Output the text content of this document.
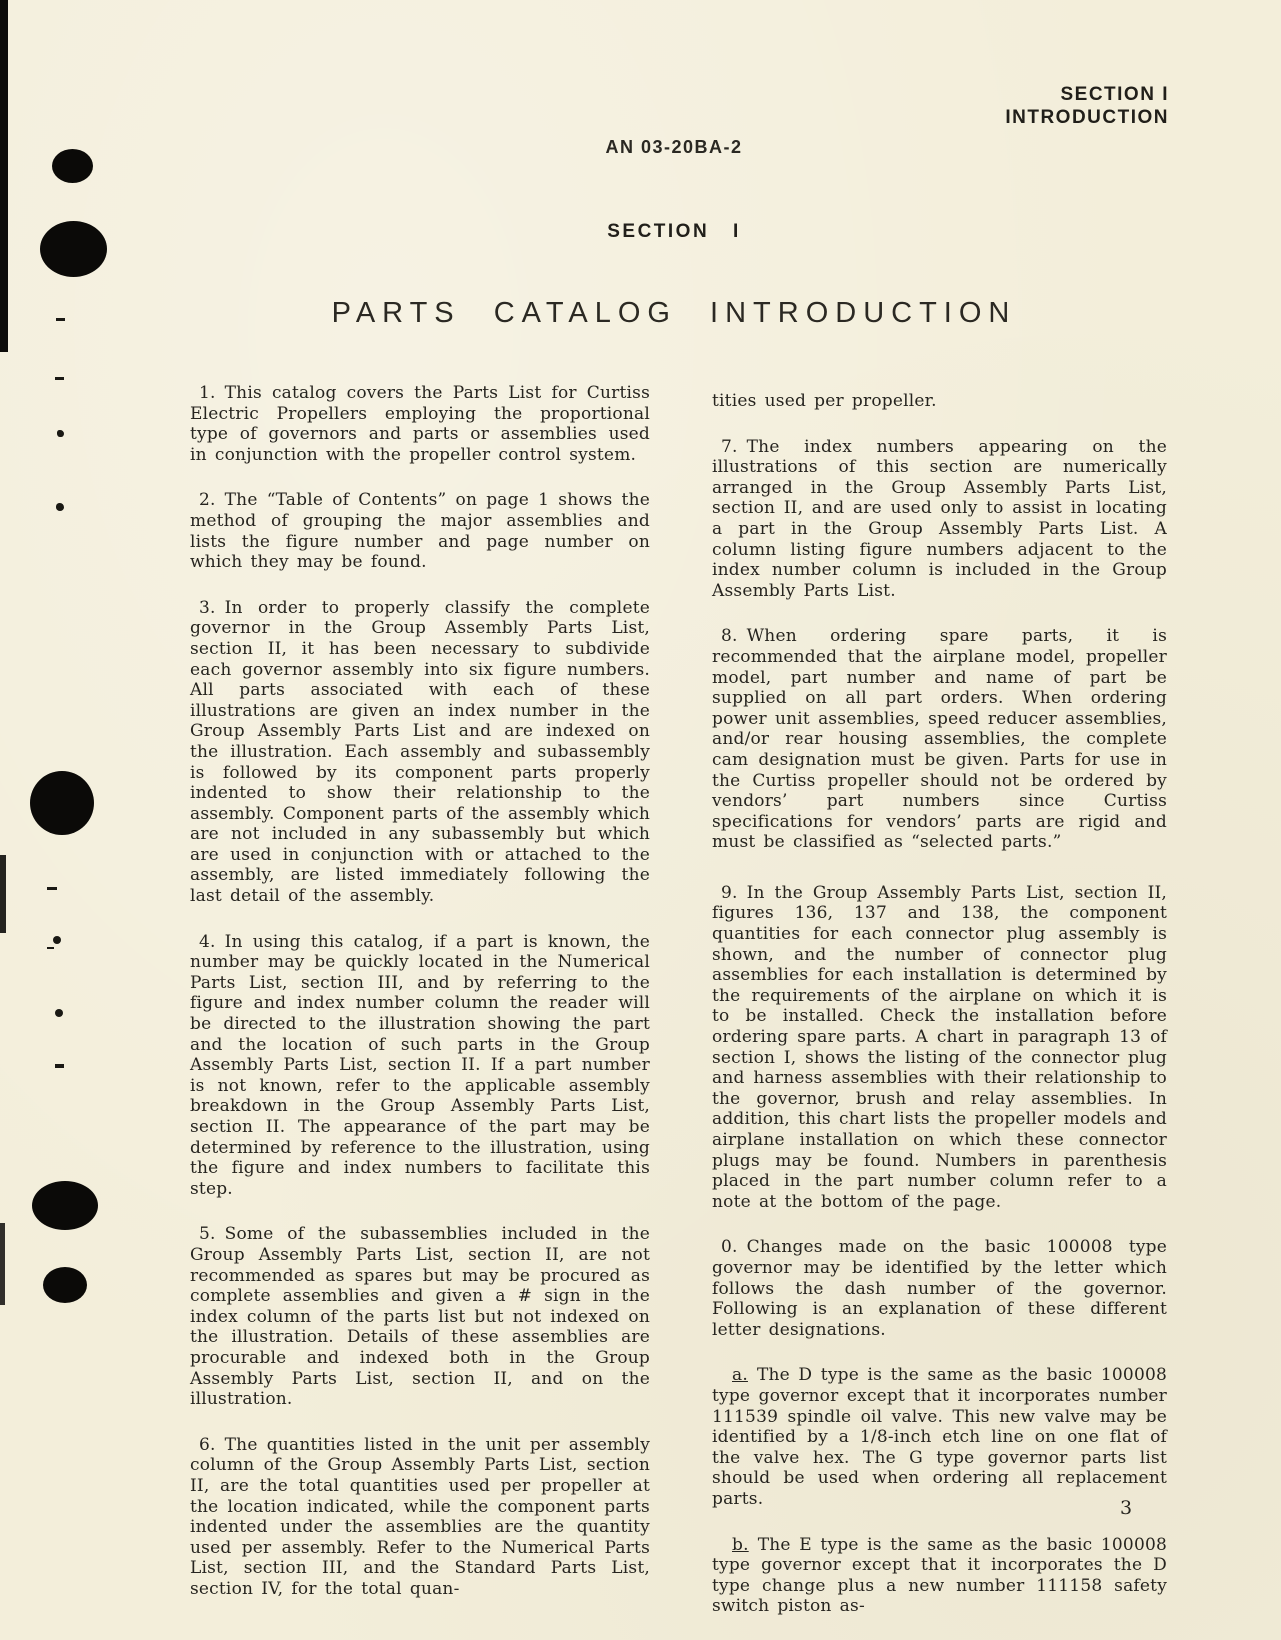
SECTION I
INTRODUCTION
AN 03-20BA-2
SECTION I
PARTS CATALOG INTRODUCTION

1. This catalog covers the Parts List for Curtiss Electric Propellers employing the proportional type of governors and parts or assemblies used in conjunction with the propeller control system.

2. The “Table of Contents” on page 1 shows the method of grouping the major assemblies and lists the figure number and page number on which they may be found.

3. In order to properly classify the complete governor in the Group Assembly Parts List, section II, it has been necessary to subdivide each governor assembly into six figure numbers. All parts associated with each of these illustrations are given an index number in the Group Assembly Parts List and are indexed on the illustration. Each assembly and subassembly is followed by its component parts properly indented to show their relationship to the assembly. Component parts of the assembly which are not included in any subassembly but which are used in conjunction with or attached to the assembly, are listed immediately following the last detail of the assembly.

4. In using this catalog, if a part is known, the number may be quickly located in the Numerical Parts List, section III, and by referring to the figure and index number column the reader will be directed to the illustration showing the part and the location of such parts in the Group Assembly Parts List, section II. If a part number is not known, refer to the applicable assembly breakdown in the Group Assembly Parts List, section II. The appearance of the part may be determined by reference to the illustration, using the figure and index numbers to facilitate this step.

5. Some of the subassemblies included in the Group Assembly Parts List, section II, are not recommended as spares but may be procured as complete assemblies and given a # sign in the index column of the parts list but not indexed on the illustration. Details of these assemblies are procurable and indexed both in the Group Assembly Parts List, section II, and on the illustration.

6. The quantities listed in the unit per assembly column of the Group Assembly Parts List, section II, are the total quantities used per propeller at the location indicated, while the component parts indented under the assemblies are the quantity used per assembly. Refer to the Numerical Parts List, section III, and the Standard Parts List, section IV, for the total quan-

tities used per propeller.

7. The index numbers appearing on the illustrations of this section are numerically arranged in the Group Assembly Parts List, section II, and are used only to assist in locating a part in the Group Assembly Parts List. A column listing figure numbers adjacent to the index number column is included in the Group Assembly Parts List.

8. When ordering spare parts, it is recommended that the airplane model, propeller model, part number and name of part be supplied on all part orders. When ordering power unit assemblies, speed reducer assemblies, and/or rear housing assemblies, the complete cam designation must be given. Parts for use in the Curtiss propeller should not be ordered by vendors’ part numbers since Curtiss specifications for vendors’ parts are rigid and must be classified as “selected parts.”

9. In the Group Assembly Parts List, section II, figures 136, 137 and 138, the component quantities for each connector plug assembly is shown, and the number of connector plug assemblies for each installation is determined by the requirements of the airplane on which it is to be installed. Check the installation before ordering spare parts. A chart in paragraph 13 of section I, shows the listing of the connector plug and harness assemblies with their relationship to the governor, brush and relay assemblies. In addition, this chart lists the propeller models and airplane installation on which these connector plugs may be found. Numbers in parenthesis placed in the part number column refer to a note at the bottom of the page.

0. Changes made on the basic 100008 type governor may be identified by the letter which follows the dash number of the governor. Following is an explanation of these different letter designations.

a. The D type is the same as the basic 100008 type governor except that it incorporates number 111539 spindle oil valve. This new valve may be identified by a 1/8-inch etch line on one flat of the valve hex. The G type governor parts list should be used when ordering all replacement parts.

b. The E type is the same as the basic 100008 type governor except that it incorporates the D type change plus a new number 111158 safety switch piston as-

3
